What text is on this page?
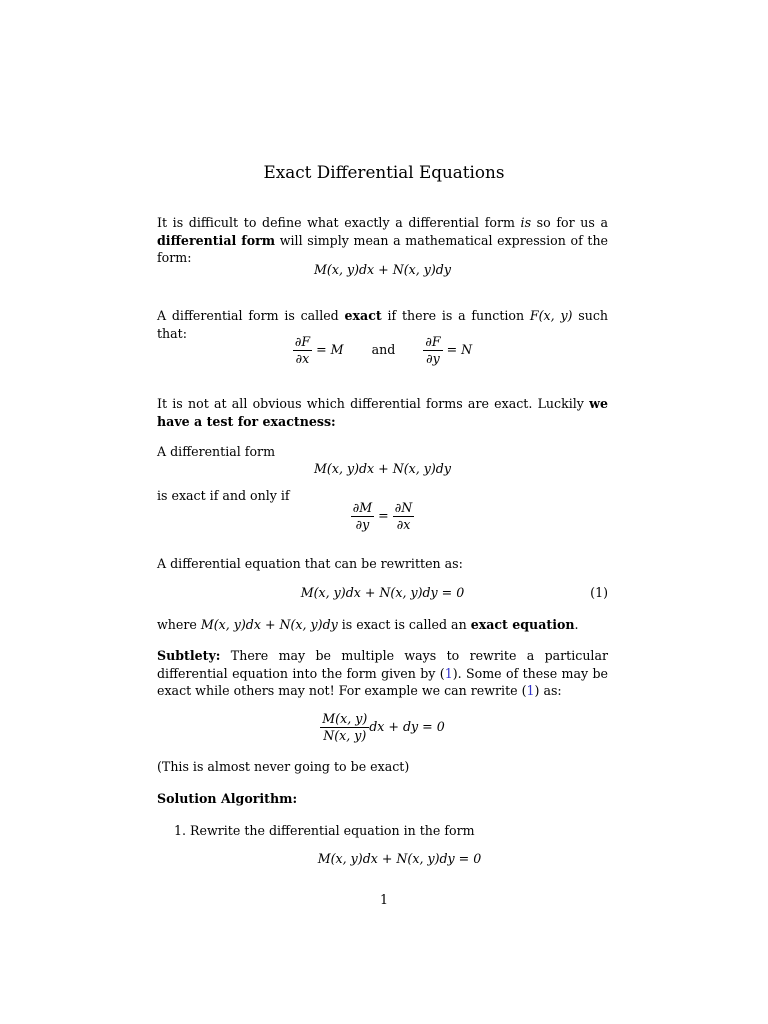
Exact Differential Equations
It is difficult to define what exactly a differential form is so for us a differential form will simply mean a mathematical expression of the form:
M(x, y)dx + N(x, y)dy
A differential form is called exact if there is a function F(x, y) such that:
$\frac{\partial F}{\partial x} = M$ and $\frac{\partial F}{\partial y} = N$
It is not at all obvious which differential forms are exact. Luckily we have a test for exactness:
A differential form
M(x, y)dx + N(x, y)dy
is exact if and only if
$\frac{\partial M}{\partial y} = \frac{\partial N}{\partial x}$
A differential equation that can be rewritten as:
M(x, y)dx + N(x, y)dy = 0	(1)
where M(x, y)dx + N(x, y)dy is exact is called an exact equation.
Subtlety: There may be multiple ways to rewrite a particular differential equation into the form given by (1). Some of these may be exact while others may not! For example we can rewrite (1) as:
$\frac{M(x, y)}{N(x, y)}$ dx + dy = 0
(This is almost never going to be exact)
Solution Algorithm:
1. Rewrite the differential equation in the form
M(x, y)dx + N(x, y)dy = 0
1
